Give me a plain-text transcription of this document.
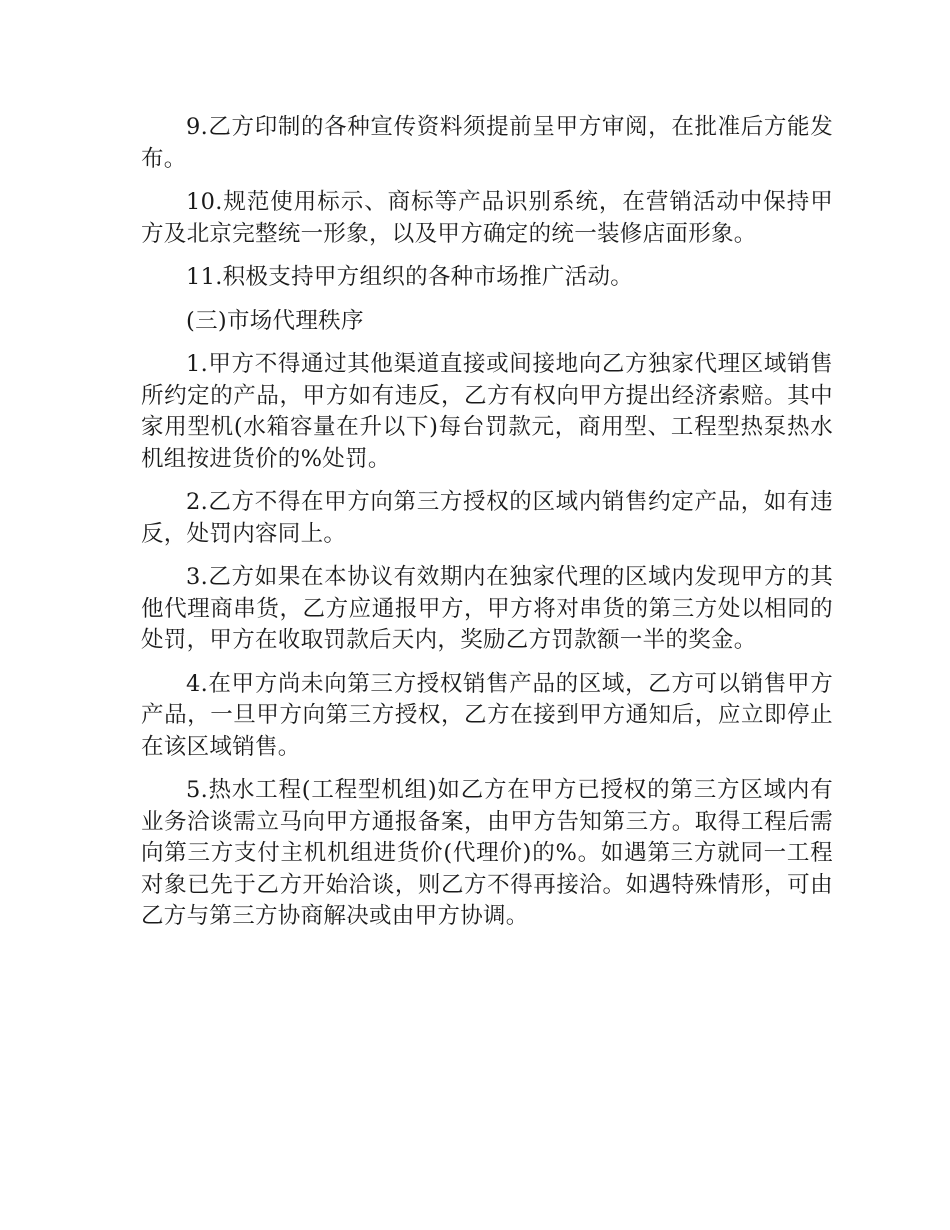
9.乙方印制的各种宣传资料须提前呈甲方审阅，在批准后方能发布。

10.规范使用标示、商标等产品识别系统，在营销活动中保持甲方及北京完整统一形象，以及甲方确定的统一装修店面形象。

11.积极支持甲方组织的各种市场推广活动。

(三)市场代理秩序

1.甲方不得通过其他渠道直接或间接地向乙方独家代理区域销售所约定的产品，甲方如有违反，乙方有权向甲方提出经济索赔。其中家用型机(水箱容量在升以下)每台罚款元，商用型、工程型热泵热水机组按进货价的%处罚。

2.乙方不得在甲方向第三方授权的区域内销售约定产品，如有违反，处罚内容同上。

3.乙方如果在本协议有效期内在独家代理的区域内发现甲方的其他代理商串货，乙方应通报甲方，甲方将对串货的第三方处以相同的处罚，甲方在收取罚款后天内，奖励乙方罚款额一半的奖金。

4.在甲方尚未向第三方授权销售产品的区域，乙方可以销售甲方产品，一旦甲方向第三方授权，乙方在接到甲方通知后，应立即停止在该区域销售。

5.热水工程(工程型机组)如乙方在甲方已授权的第三方区域内有业务洽谈需立马向甲方通报备案，由甲方告知第三方。取得工程后需向第三方支付主机机组进货价(代理价)的%。如遇第三方就同一工程对象已先于乙方开始洽谈，则乙方不得再接洽。如遇特殊情形，可由乙方与第三方协商解决或由甲方协调。
